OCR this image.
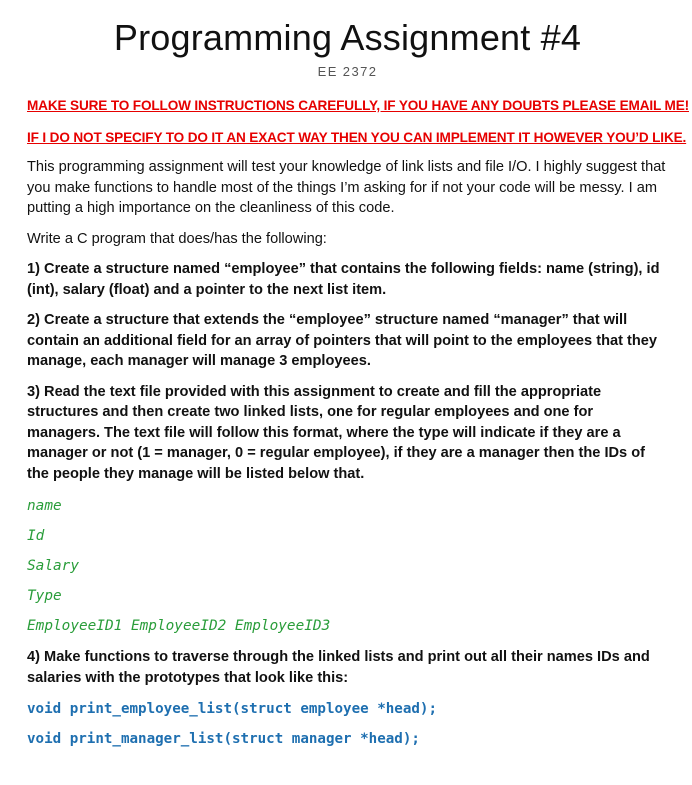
Programming Assignment #4

EE 2372

MAKE SURE TO FOLLOW INSTRUCTIONS CAREFULLY, IF YOU HAVE ANY DOUBTS PLEASE EMAIL ME!

IF I DO NOT SPECIFY TO DO IT AN EXACT WAY THEN YOU CAN IMPLEMENT IT HOWEVER YOU’D LIKE.

This programming assignment will test your knowledge of link lists and file I/O. I highly suggest that you make functions to handle most of the things I’m asking for if not your code will be messy. I am putting a high importance on the cleanliness of this code.

Write a C program that does/has the following:

1) Create a structure named “employee” that contains the following fields: name (string), id (int), salary (float) and a pointer to the next list item.

2) Create a structure that extends the “employee” structure named “manager” that will contain an additional field for an array of pointers that will point to the employees that they manage, each manager will manage 3 employees.

3) Read the text file provided with this assignment to create and fill the appropriate structures and then create two linked lists, one for regular employees and one for managers. The text file will follow this format, where the type will indicate if they are a manager or not (1 = manager, 0 = regular employee), if they are a manager then the IDs of the people they manage will be listed below that.

name

Id

Salary

Type

EmployeeID1 EmployeeID2 EmployeeID3

4) Make functions to traverse through the linked lists and print out all their names IDs and salaries with the prototypes that look like this:

void print_employee_list(struct employee *head);

void print_manager_list(struct manager *head);
